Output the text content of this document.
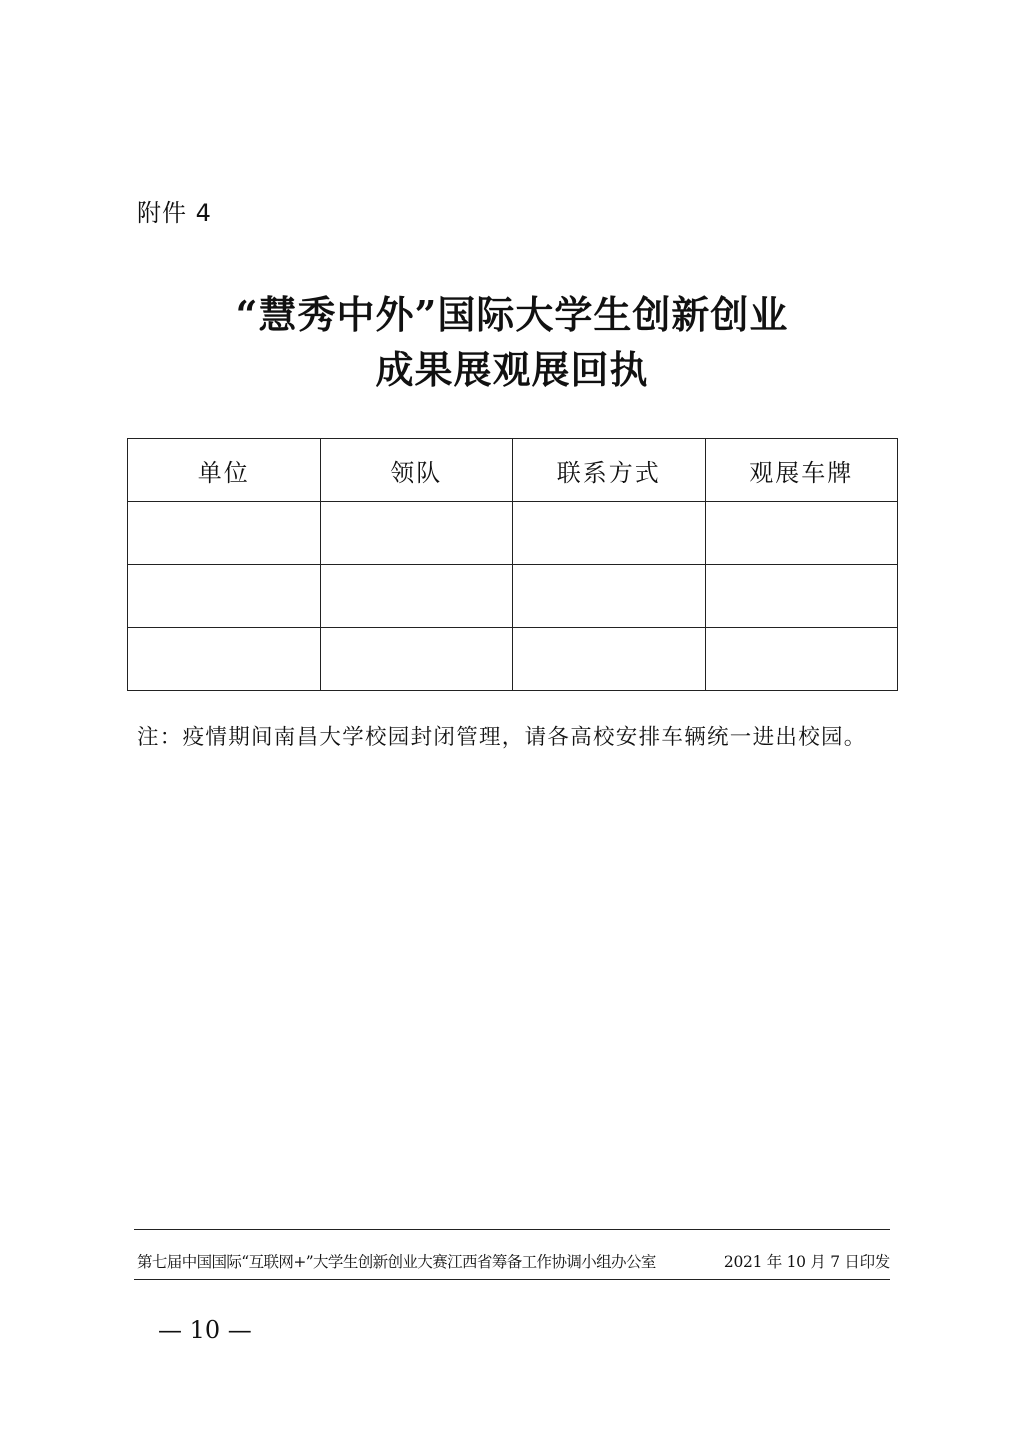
附件 4
“慧秀中外”国际大学生创新创业
成果展观展回执
单位	领队	联系方式	观展车牌

注：疫情期间南昌大学校园封闭管理，请各高校安排车辆统一进出校园。
第七届中国国际“互联网+”大学生创新创业大赛江西省筹备工作协调小组办公室	2021 年 10 月 7 日印发
— 10 —
